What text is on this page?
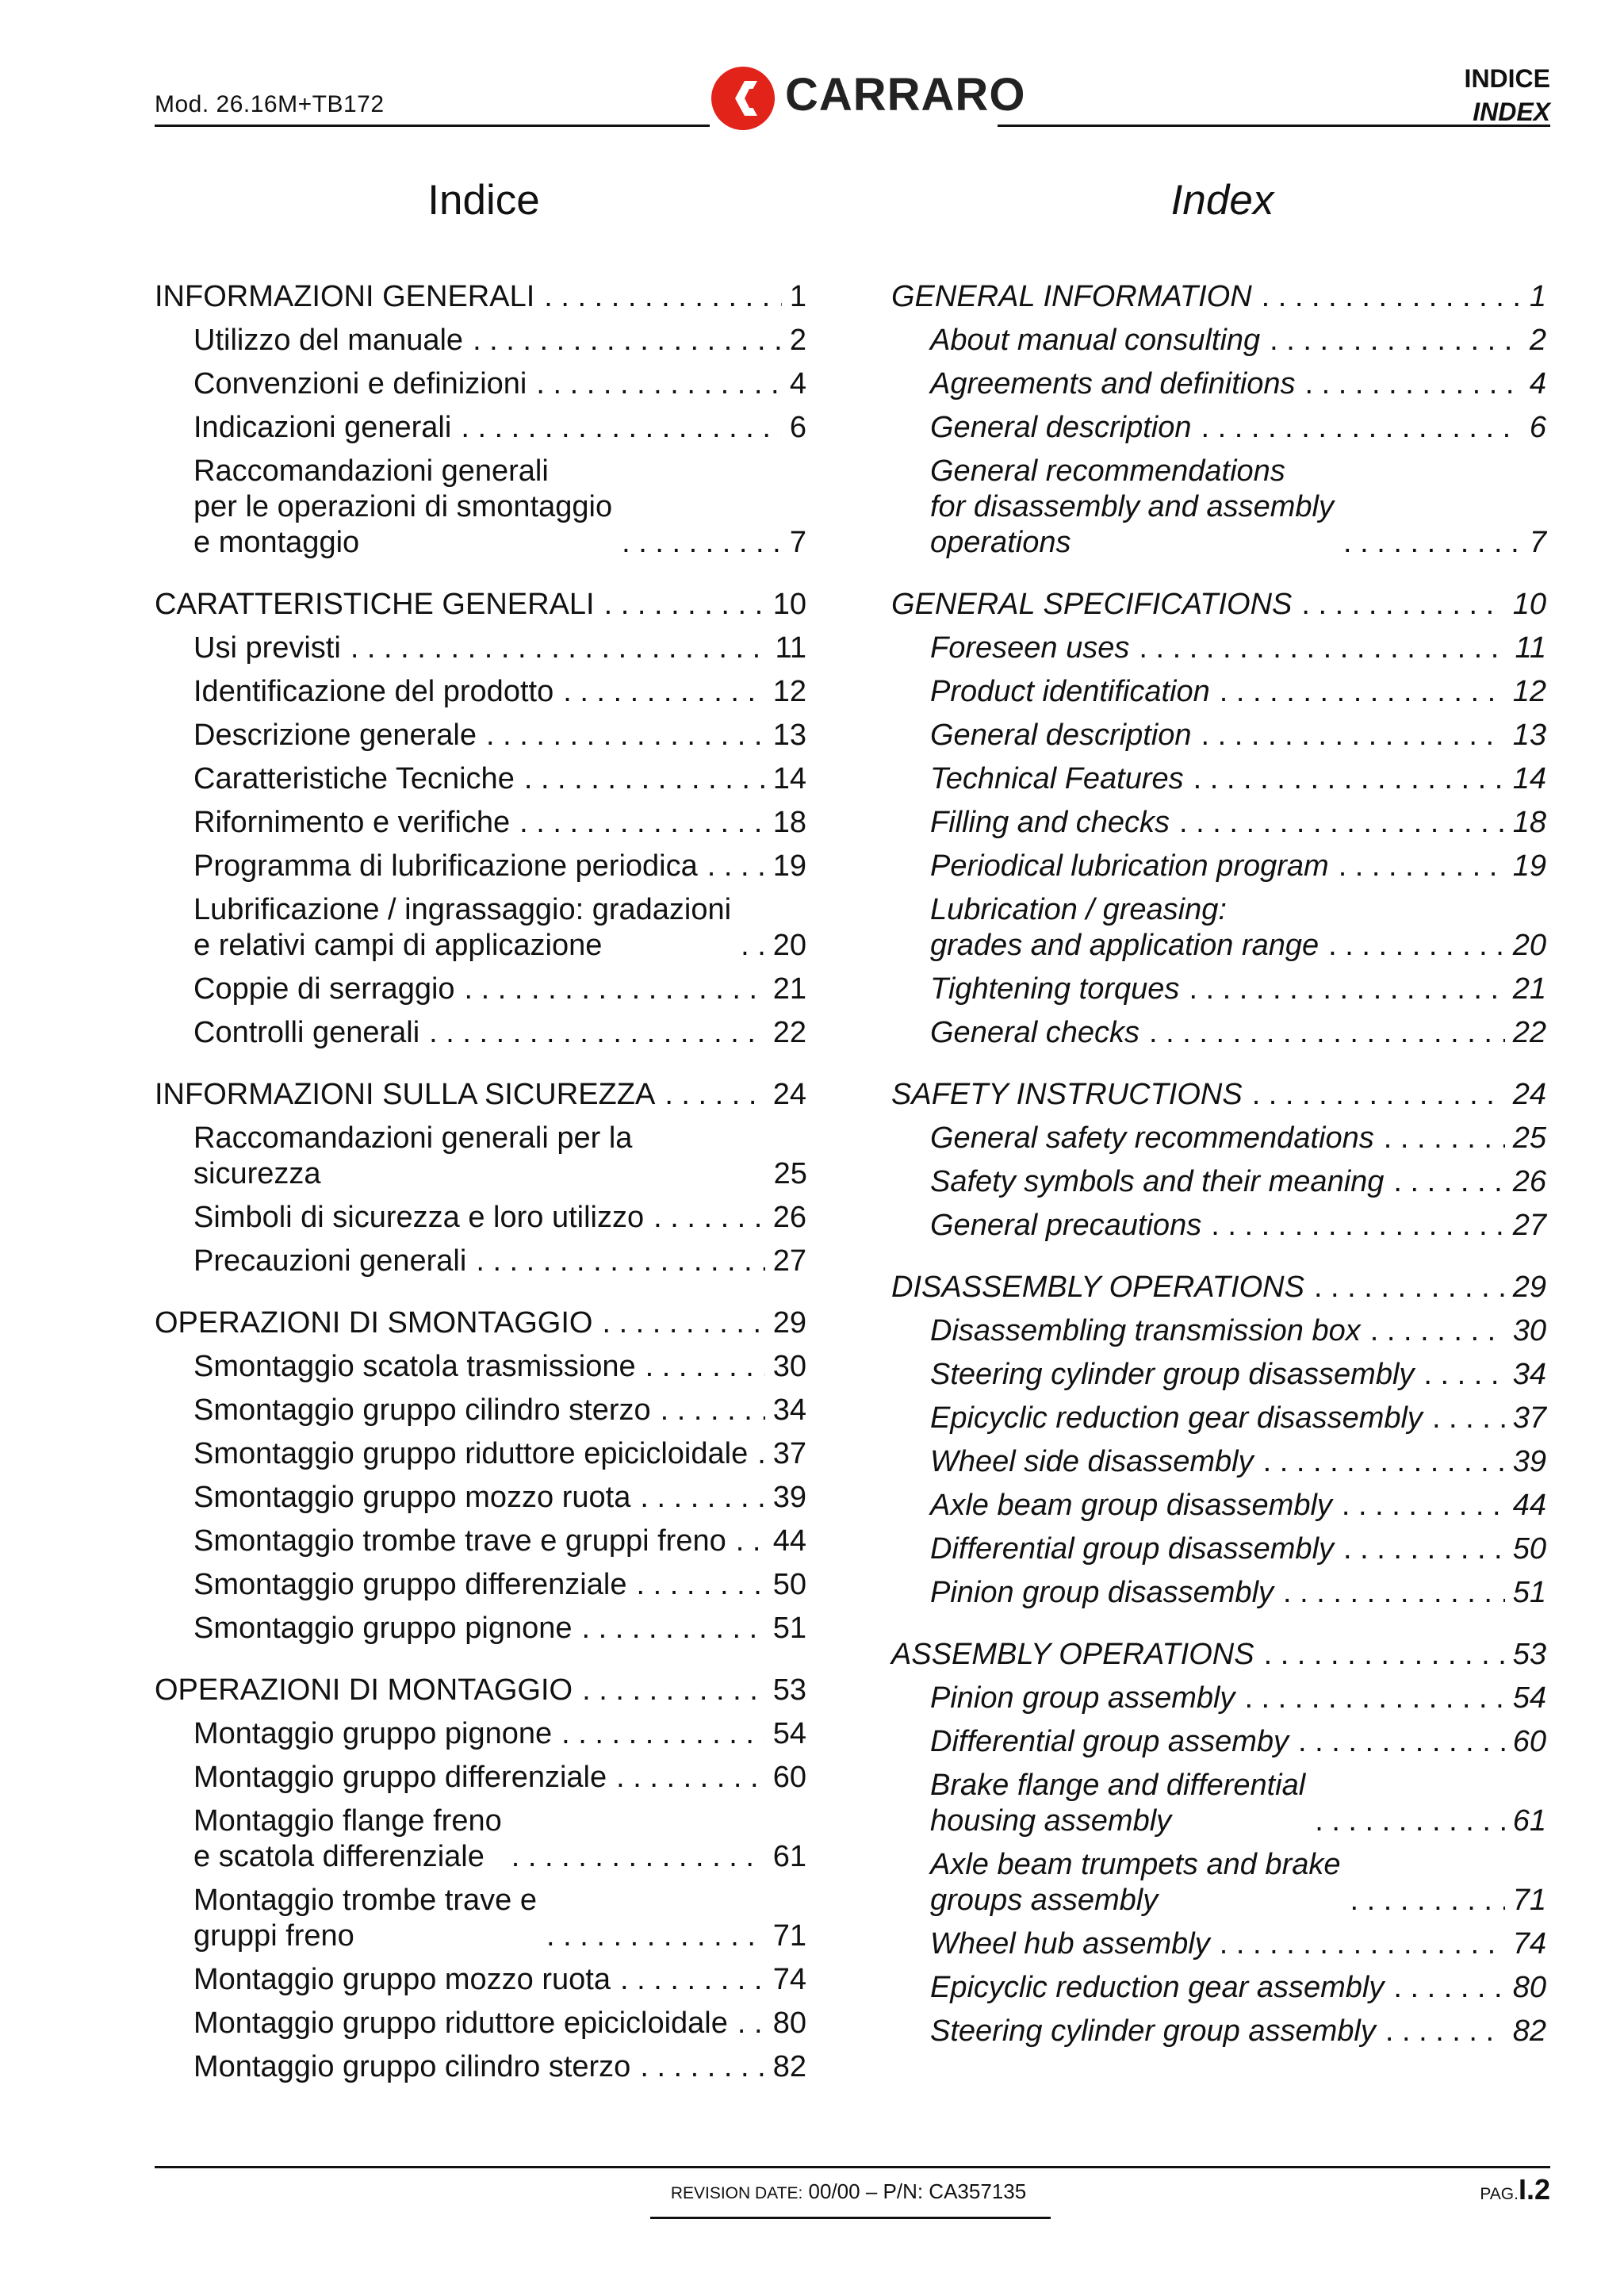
Mod. 26.16M+TB172	CARRARO	INDICE
INDEX
Indice	Index
INFORMAZIONI GENERALI . . .	1
Utilizzo del manuale . . .	2
Convenzioni e definizioni . . .	4
Indicazioni generali . . .	6
Raccomandazioni generali
per le operazioni di smontaggio
e montaggio . . .	7
CARATTERISTICHE GENERALI . . .	10
Usi previsti . . .	11
Identificazione del prodotto . . .	12
Descrizione generale . . .	13
Caratteristiche Tecniche . . .	14
Rifornimento e verifiche . . .	18
Programma di lubrificazione periodica . . . 19
Lubrificazione / ingrassaggio: gradazioni
e relativi campi di applicazione . . .	20
Coppie di serraggio . . .	21
Controlli generali . . .	22
INFORMAZIONI SULLA SICUREZZA . . .	24
Raccomandazioni generali per la sicurezza	25
Simboli di sicurezza e loro utilizzo . . .	26
Precauzioni generali . . .	27
OPERAZIONI DI SMONTAGGIO . . .	29
Smontaggio scatola trasmissione . . .	30
Smontaggio gruppo cilindro sterzo . . .	34
Smontaggio gruppo riduttore epicicloidale . . . 37
Smontaggio gruppo mozzo ruota . . .	39
Smontaggio trombe trave e gruppi freno . . . 44
Smontaggio gruppo differenziale . . .	50
Smontaggio gruppo pignone . . .	51
OPERAZIONI DI MONTAGGIO . . .	53
Montaggio gruppo pignone . . .	54
Montaggio gruppo differenziale . . .	60
Montaggio flange freno
e scatola differenziale . . .	61
Montaggio trombe trave e
gruppi freno . . .	71
Montaggio gruppo mozzo ruota . . .	74
Montaggio gruppo riduttore epicicloidale . . . 80
Montaggio gruppo cilindro sterzo . . .	82
GENERAL INFORMATION . . .	1
About manual consulting . . .	2
Agreements and definitions . . .	4
General description . . .	6
General recommendations
for disassembly and assembly
operations . . .	7
GENERAL SPECIFICATIONS . . .	10
Foreseen uses . . .	11
Product identification . . .	12
General description . . .	13
Technical Features . . .	14
Filling and checks . . .	18
Periodical lubrication program . . .	19
Lubrication / greasing:
grades and application range . . .	20
Tightening torques . . .	21
General checks . . .	22
SAFETY INSTRUCTIONS . . .	24
General safety recommendations . . .	25
Safety symbols and their meaning . . .	26
General precautions . . .	27
DISASSEMBLY OPERATIONS . . .	29
Disassembling transmission box . . .	30
Steering cylinder group disassembly . . .	34
Epicyclic reduction gear disassembly . . .	37
Wheel side disassembly . . .	39
Axle beam group disassembly . . .	44
Differential group disassembly . . .	50
Pinion group disassembly . . .	51
ASSEMBLY OPERATIONS . . .	53
Pinion group assembly . . .	54
Differential group assemby . . .	60
Brake flange and differential
housing assembly . . .	61
Axle beam trumpets and brake
groups assembly . . .	71
Wheel hub assembly . . .	74
Epicyclic reduction gear assembly . . .	80
Steering cylinder group assembly . . .	82
REVISION DATE: 00/00 – P/N: CA357135	PAG.I.2
